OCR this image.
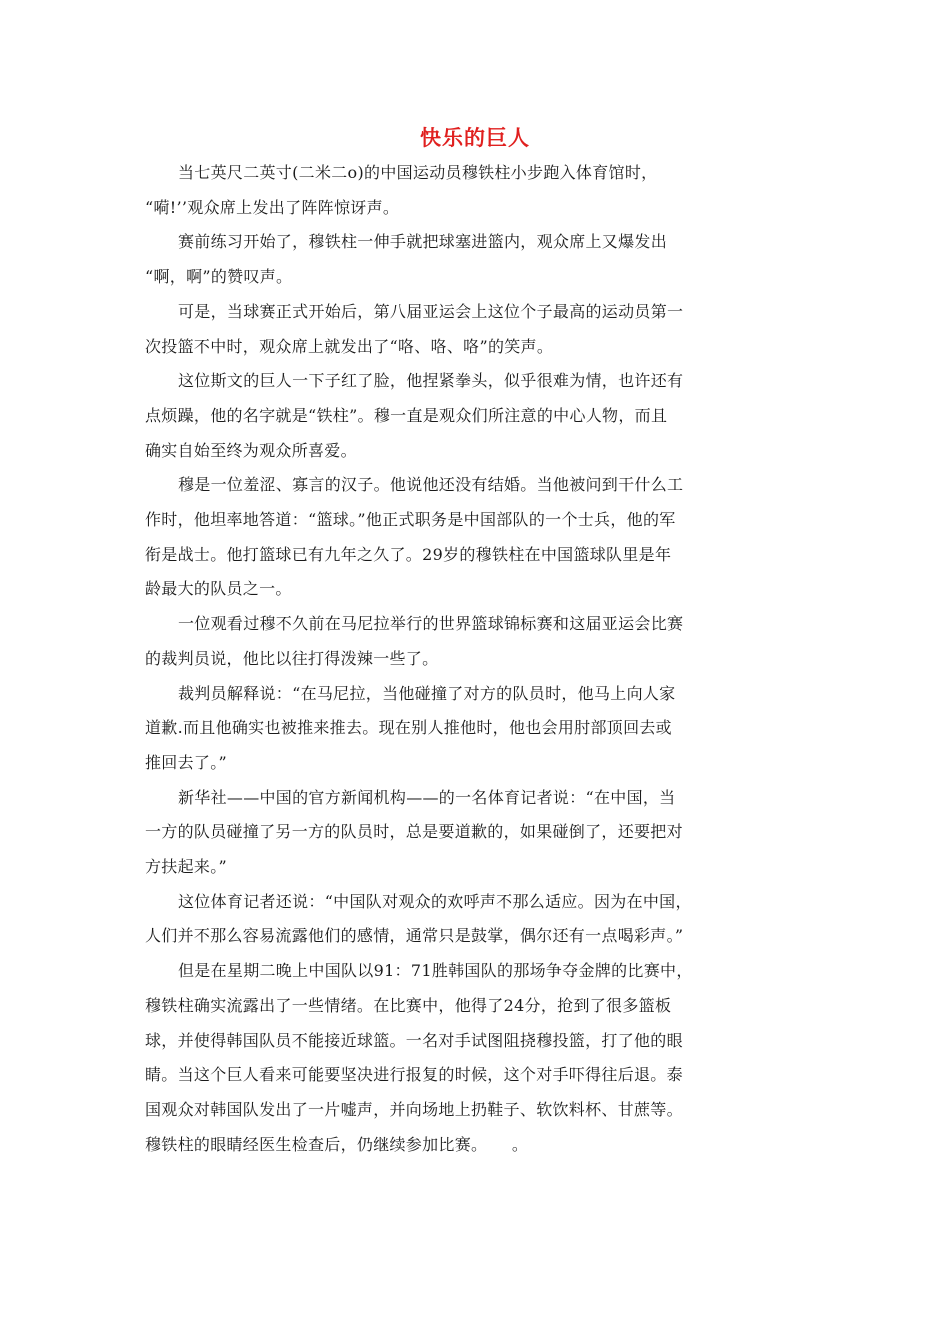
快乐的巨人
当七英尺二英寸(二米二o)的中国运动员穆铁柱小步跑入体育馆时，
“嗬!’’观众席上发出了阵阵惊讶声。
赛前练习开始了，穆铁柱一伸手就把球塞进篮内，观众席上又爆发出
“啊，啊”的赞叹声。
可是，当球赛正式开始后，第八届亚运会上这位个子最高的运动员第一
次投篮不中时，观众席上就发出了“咯、咯、咯”的笑声。
这位斯文的巨人一下子红了脸，他捏紧拳头，似乎很难为情，也许还有
点烦躁，他的名字就是“铁柱”。穆一直是观众们所注意的中心人物，而且
确实自始至终为观众所喜爱。
穆是一位羞涩、寡言的汉子。他说他还没有结婚。当他被问到干什么工
作时，他坦率地答道：“篮球。”他正式职务是中国部队的一个士兵，他的军
衔是战士。他打篮球已有九年之久了。29岁的穆铁柱在中国篮球队里是年
龄最大的队员之一。
一位观看过穆不久前在马尼拉举行的世界篮球锦标赛和这届亚运会比赛
的裁判员说，他比以往打得泼辣一些了。
裁判员解释说：“在马尼拉，当他碰撞了对方的队员时，他马上向人家
道歉.而且他确实也被推来推去。现在别人推他时，他也会用肘部顶回去或
推回去了。”
新华社——中国的官方新闻机构——的一名体育记者说：“在中国，当
一方的队员碰撞了另一方的队员时，总是要道歉的，如果碰倒了，还要把对
方扶起来。”
这位体育记者还说：“中国队对观众的欢呼声不那么适应。因为在中国，
人们并不那么容易流露他们的感情，通常只是鼓掌，偶尔还有一点喝彩声。”
但是在星期二晚上中国队以91：71胜韩国队的那场争夺金牌的比赛中，
穆铁柱确实流露出了一些情绪。在比赛中，他得了24分，抢到了很多篮板
球，并使得韩国队员不能接近球篮。一名对手试图阻挠穆投篮，打了他的眼
睛。当这个巨人看来可能要坚决进行报复的时候，这个对手吓得往后退。泰
国观众对韩国队发出了一片嘘声，并向场地上扔鞋子、软饮料杯、甘蔗等。
穆铁柱的眼睛经医生检查后，仍继续参加比赛。　　。
